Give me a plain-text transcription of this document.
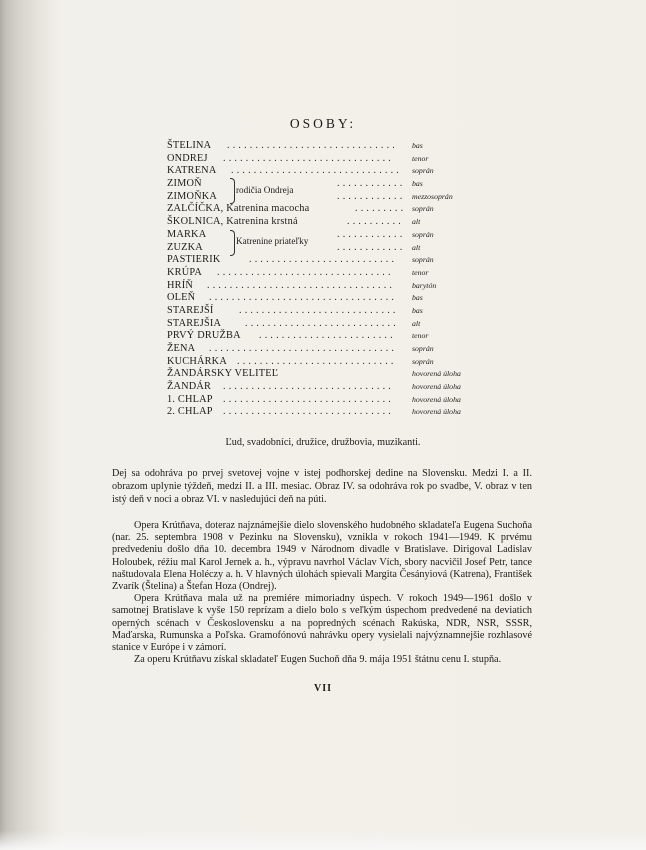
OSOBY:
ŠTELINA ..............................	bas
ONDREJ ..............................	tenor
KATRENA ..............................	soprán
ZIMOŇ	............ bas
ZIMOŇKA	............ mezzosoprán
ZALČÍČKA, Katrenina macocha	......... soprán
ŠKOLNICA, Katrenina krstná	..........	alt
MARKA	............ soprán
ZUZKA	............ alt
PASTIERIK	..........................	soprán
KRÚPA ...............................	tenor
HRÍŇ .................................	barytón
OLEŇ .................................	bas
STAREJŠÍ	............................	bas
STAREJŠIA ...........................	alt
PRVÝ DRUŽBA ........................	tenor
ŽENA .................................	soprán
KUCHÁRKA ............................	soprán
ŽANDÁRSKY VELITEĽ	hovorená úloha
ŽANDÁR ..............................	hovorená úloha
1. CHLAP ..............................	hovorená úloha
2. CHLAP ..............................	hovorená úloha
rodičia Ondreja
Katrenine priateľky
Ľud, svadobníci, družice, družbovia, muzikanti.
Dej sa odohráva po prvej svetovej vojne v istej podhorskej dedine na Slovensku. Medzi I. a II. obrazom uplynie týždeň, medzi II. a III. mesiac. Obraz IV. sa odohráva rok po svadbe, V. obraz v ten istý deň v noci a obraz VI. v nasledujúci deň na púti.

Opera Krútňava, doteraz najznámejšie dielo slovenského hudobného skladateľa Eugena Suchoňa (nar. 25. septembra 1908 v Pezinku na Slovensku), vznikla v rokoch 1941—1949. K prvému predvedeniu došlo dňa 10. decembra 1949 v Národnom divadle v Bratislave. Dirigoval Ladislav Holoubek, réžiu mal Karol Jernek a. h., výpravu navrhol Václav Vích, sbory nacvičil Josef Petr, tance naštudovala Elena Holéczy a. h. V hlavných úlohách spievali Margita Česányiová (Katrena), František Zvarík (Štelina) a Štefan Hoza (Ondrej).

Opera Krútňava mala už na premiére mimoriadny úspech. V rokoch 1949—1961 došlo v samotnej Bratislave k vyše 150 reprízam a dielo bolo s veľkým úspechom predvedené na deviatich operných scénach v Československu a na popredných scénach Rakúska, NDR, NSR, SSSR, Maďarska, Rumunska a Poľska. Gramofónovú nahrávku opery vysielali najvýznamnejšie rozhlasové stanice v Európe i v zámorí.

Za operu Krútňavu získal skladateľ Eugen Suchoň dňa 9. mája 1951 štátnu cenu I. stupňa.

VII
